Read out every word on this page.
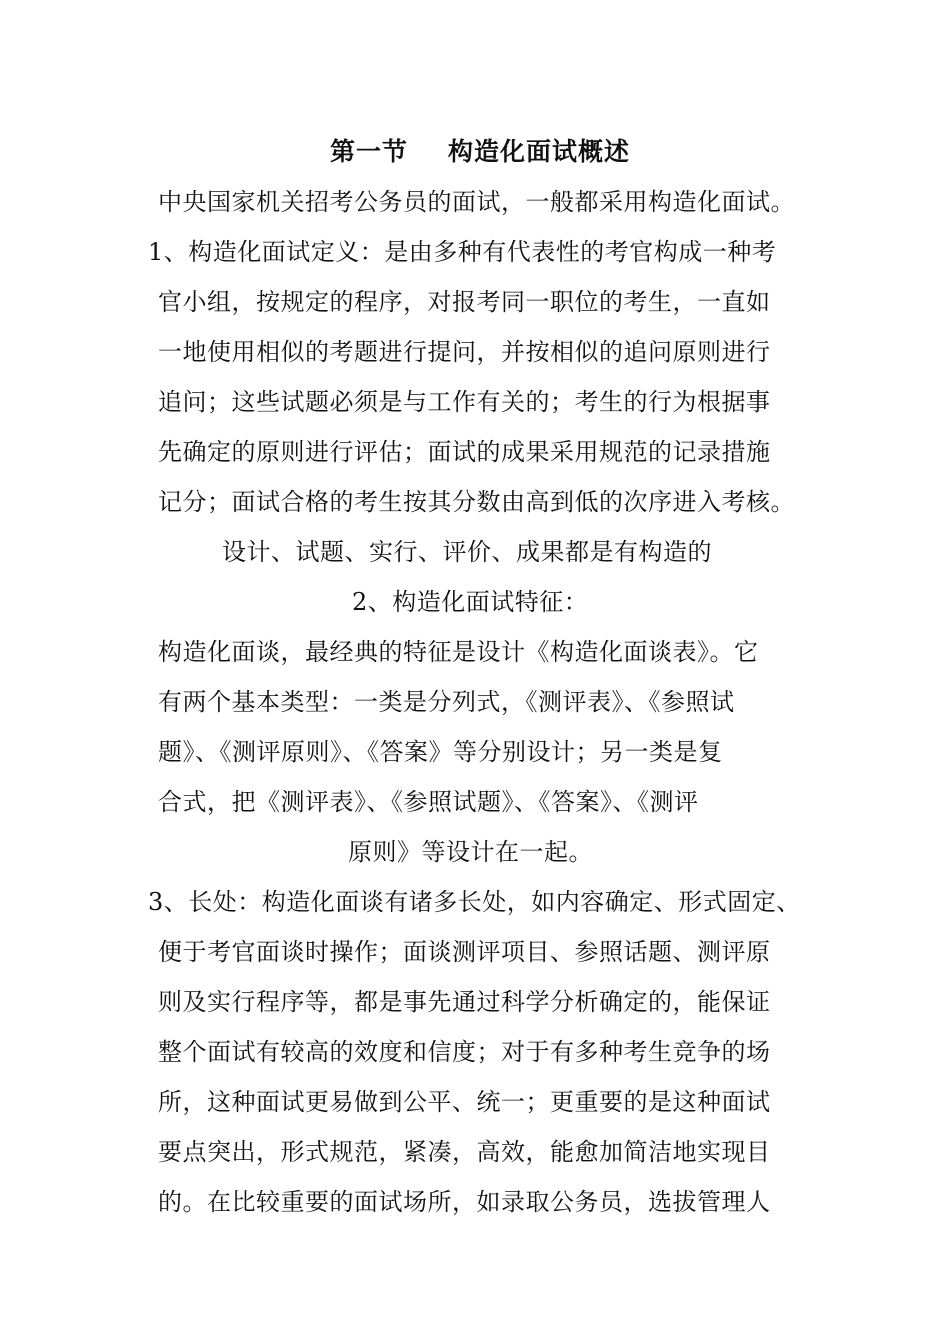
第一节 构造化面试概述
中央国家机关招考公务员的面试，一般都采用构造化面试。
1、构造化面试定义：是由多种有代表性的考官构成一种考
官小组，按规定的程序，对报考同一职位的考生，一直如
一地使用相似的考题进行提问，并按相似的追问原则进行
追问；这些试题必须是与工作有关的；考生的行为根据事
先确定的原则进行评估；面试的成果采用规范的记录措施
记分；面试合格的考生按其分数由高到低的次序进入考核。
设计、试题、实行、评价、成果都是有构造的
2、构造化面试特征：
构造化面谈，最经典的特征是设计《构造化面谈表》。它
有两个基本类型：一类是分列式，《测评表》、《参照试
题》、《测评原则》、《答案》等分别设计；另一类是复
合式，把《测评表》、《参照试题》、《答案》、《测评
原则》等设计在一起。
3、长处：构造化面谈有诸多长处，如内容确定、形式固定、
便于考官面谈时操作；面谈测评项目、参照话题、测评原
则及实行程序等，都是事先通过科学分析确定的，能保证
整个面试有较高的效度和信度；对于有多种考生竞争的场
所，这种面试更易做到公平、统一；更重要的是这种面试
要点突出，形式规范，紧凑，高效，能愈加简洁地实现目
的。在比较重要的面试场所，如录取公务员，选拔管理人
